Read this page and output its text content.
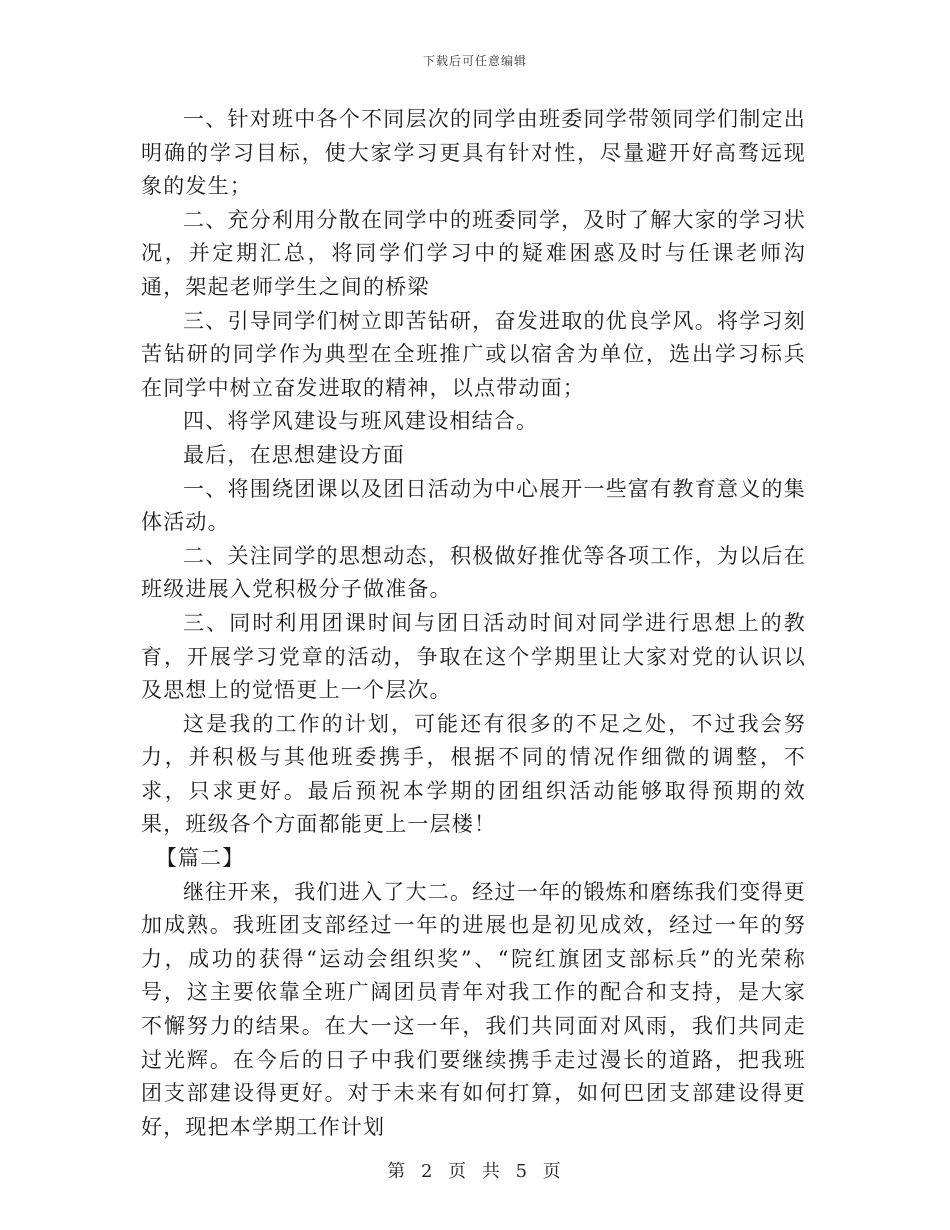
下载后可任意编辑

一、针对班中各个不同层次的同学由班委同学带领同学们制定出明确的学习目标，使大家学习更具有针对性，尽量避开好高骛远现象的发生；

二、充分利用分散在同学中的班委同学，及时了解大家的学习状况，并定期汇总，将同学们学习中的疑难困惑及时与任课老师沟通，架起老师学生之间的桥梁

三、引导同学们树立即苦钻研，奋发进取的优良学风。将学习刻苦钻研的同学作为典型在全班推广或以宿舍为单位，选出学习标兵在同学中树立奋发进取的精神，以点带动面；

四、将学风建设与班风建设相结合。

最后，在思想建设方面

一、将围绕团课以及团日活动为中心展开一些富有教育意义的集体活动。

二、关注同学的思想动态，积极做好推优等各项工作，为以后在班级进展入党积极分子做准备。

三、同时利用团课时间与团日活动时间对同学进行思想上的教育，开展学习党章的活动，争取在这个学期里让大家对党的认识以及思想上的觉悟更上一个层次。

这是我的工作的计划，可能还有很多的不足之处，不过我会努力，并积极与其他班委携手，根据不同的情况作细微的调整，不求，只求更好。最后预祝本学期的团组织活动能够取得预期的效果，班级各个方面都能更上一层楼！

【篇二】

继往开来，我们进入了大二。经过一年的锻炼和磨练我们变得更加成熟。我班团支部经过一年的进展也是初见成效，经过一年的努力，成功的获得“运动会组织奖”、“院红旗团支部标兵”的光荣称号，这主要依靠全班广阔团员青年对我工作的配合和支持，是大家不懈努力的结果。在大一这一年，我们共同面对风雨，我们共同走过光辉。在今后的日子中我们要继续携手走过漫长的道路，把我班团支部建设得更好。对于未来有如何打算，如何巴团支部建设得更好，现把本学期工作计划

第 2 页 共 5 页
